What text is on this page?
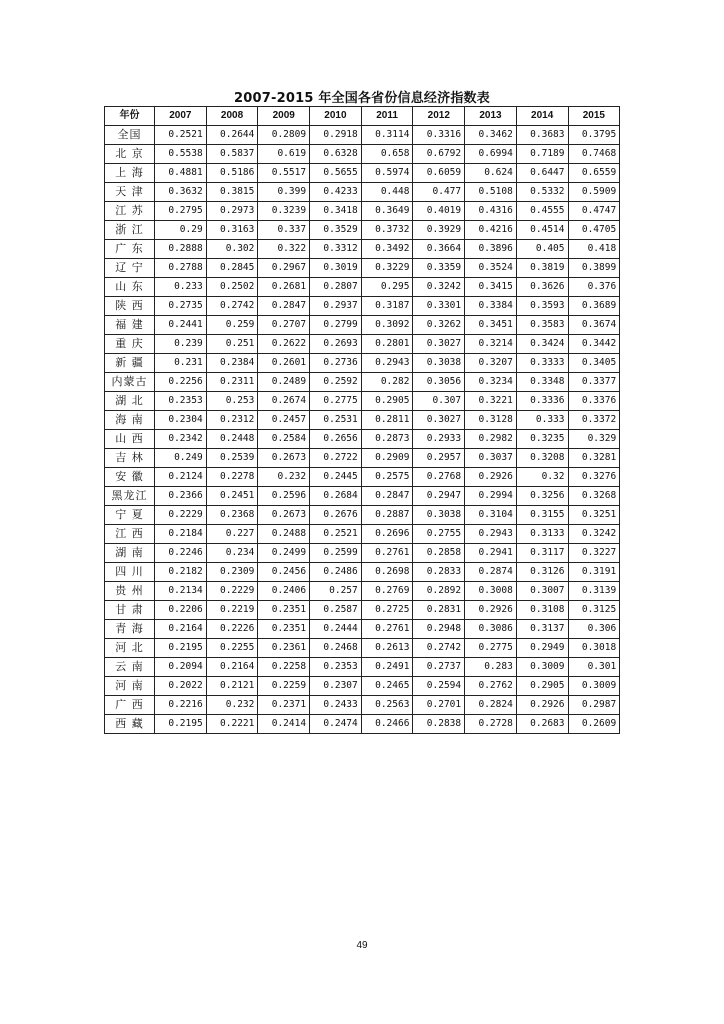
2007-2015 年全国各省份信息经济指数表
年份	2007	2008	2009	2010	2011	2012	2013	2014	2015
全国	0.2521	0.2644	0.2809	0.2918	0.3114	0.3316	0.3462	0.3683	0.3795
北 京	0.5538	0.5837	0.619	0.6328	0.658	0.6792	0.6994	0.7189	0.7468
上 海	0.4881	0.5186	0.5517	0.5655	0.5974	0.6059	0.624	0.6447	0.6559
天 津	0.3632	0.3815	0.399	0.4233	0.448	0.477	0.5108	0.5332	0.5909
江 苏	0.2795	0.2973	0.3239	0.3418	0.3649	0.4019	0.4316	0.4555	0.4747
浙 江	0.29	0.3163	0.337	0.3529	0.3732	0.3929	0.4216	0.4514	0.4705
广 东	0.2888	0.302	0.322	0.3312	0.3492	0.3664	0.3896	0.405	0.418
辽 宁	0.2788	0.2845	0.2967	0.3019	0.3229	0.3359	0.3524	0.3819	0.3899
山 东	0.233	0.2502	0.2681	0.2807	0.295	0.3242	0.3415	0.3626	0.376
陕 西	0.2735	0.2742	0.2847	0.2937	0.3187	0.3301	0.3384	0.3593	0.3689
福 建	0.2441	0.259	0.2707	0.2799	0.3092	0.3262	0.3451	0.3583	0.3674
重 庆	0.239	0.251	0.2622	0.2693	0.2801	0.3027	0.3214	0.3424	0.3442
新 疆	0.231	0.2384	0.2601	0.2736	0.2943	0.3038	0.3207	0.3333	0.3405
内蒙古	0.2256	0.2311	0.2489	0.2592	0.282	0.3056	0.3234	0.3348	0.3377
湖 北	0.2353	0.253	0.2674	0.2775	0.2905	0.307	0.3221	0.3336	0.3376
海 南	0.2304	0.2312	0.2457	0.2531	0.2811	0.3027	0.3128	0.333	0.3372
山 西	0.2342	0.2448	0.2584	0.2656	0.2873	0.2933	0.2982	0.3235	0.329
吉 林	0.249	0.2539	0.2673	0.2722	0.2909	0.2957	0.3037	0.3208	0.3281
安 徽	0.2124	0.2278	0.232	0.2445	0.2575	0.2768	0.2926	0.32	0.3276
黑龙江	0.2366	0.2451	0.2596	0.2684	0.2847	0.2947	0.2994	0.3256	0.3268
宁 夏	0.2229	0.2368	0.2673	0.2676	0.2887	0.3038	0.3104	0.3155	0.3251
江 西	0.2184	0.227	0.2488	0.2521	0.2696	0.2755	0.2943	0.3133	0.3242
湖 南	0.2246	0.234	0.2499	0.2599	0.2761	0.2858	0.2941	0.3117	0.3227
四 川	0.2182	0.2309	0.2456	0.2486	0.2698	0.2833	0.2874	0.3126	0.3191
贵 州	0.2134	0.2229	0.2406	0.257	0.2769	0.2892	0.3008	0.3007	0.3139
甘 肃	0.2206	0.2219	0.2351	0.2587	0.2725	0.2831	0.2926	0.3108	0.3125
青 海	0.2164	0.2226	0.2351	0.2444	0.2761	0.2948	0.3086	0.3137	0.306
河 北	0.2195	0.2255	0.2361	0.2468	0.2613	0.2742	0.2775	0.2949	0.3018
云 南	0.2094	0.2164	0.2258	0.2353	0.2491	0.2737	0.283	0.3009	0.301
河 南	0.2022	0.2121	0.2259	0.2307	0.2465	0.2594	0.2762	0.2905	0.3009
广 西	0.2216	0.232	0.2371	0.2433	0.2563	0.2701	0.2824	0.2926	0.2987
西 藏	0.2195	0.2221	0.2414	0.2474	0.2466	0.2838	0.2728	0.2683	0.2609
49
